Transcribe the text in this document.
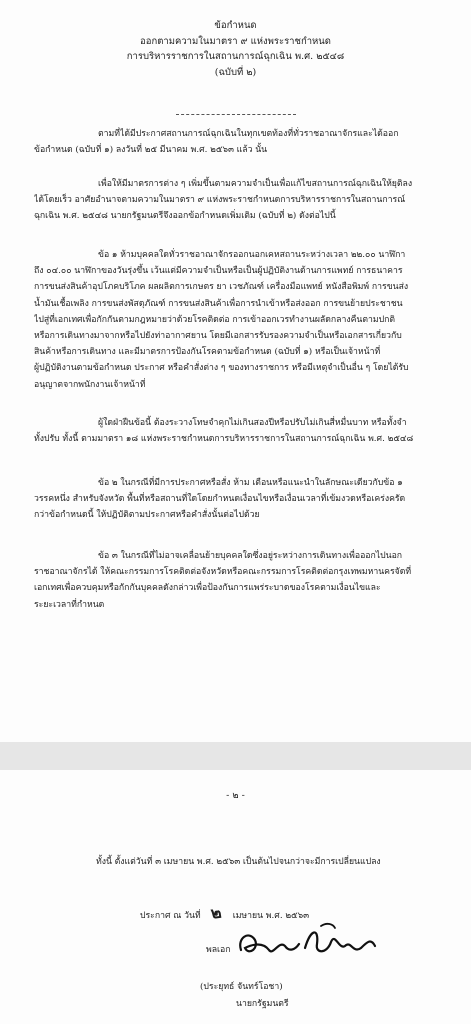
ข้อกำหนด
ออกตามความในมาตรา ๙ แห่งพระราชกำหนด
การบริหารราชการในสถานการณ์ฉุกเฉิน พ.ศ. ๒๕๔๘
(ฉบับที่ ๒)
ตามที่ได้มีประกาศสถานการณ์ฉุกเฉินในทุกเขตท้องที่ทั่วราชอาณาจักรและได้ออก
ข้อกำหนด (ฉบับที่ ๑) ลงวันที่ ๒๕ มีนาคม พ.ศ. ๒๕๖๓ แล้ว นั้น
เพื่อให้มีมาตรการต่าง ๆ เพิ่มขึ้นตามความจำเป็นเพื่อแก้ไขสถานการณ์ฉุกเฉินให้ยุติลง
ได้โดยเร็ว อาศัยอำนาจตามความในมาตรา ๙ แห่งพระราชกำหนดการบริหารราชการในสถานการณ์
ฉุกเฉิน พ.ศ. ๒๕๔๘ นายกรัฐมนตรีจึงออกข้อกำหนดเพิ่มเติม (ฉบับที่ ๒) ดังต่อไปนี้
ข้อ ๑ ห้ามบุคคลใดทั่วราชอาณาจักรออกนอกเคหสถานระหว่างเวลา ๒๒.๐๐ นาฬิกา
ถึง ๐๔.๐๐ นาฬิกาของวันรุ่งขึ้น เว้นแต่มีความจำเป็นหรือเป็นผู้ปฏิบัติงานด้านการแพทย์ การธนาคาร
การขนส่งสินค้าอุปโภคบริโภค ผลผลิตการเกษตร ยา เวชภัณฑ์ เครื่องมือแพทย์ หนังสือพิมพ์ การขนส่ง
น้ำมันเชื้อเพลิง การขนส่งพัสดุภัณฑ์ การขนส่งสินค้าเพื่อการนำเข้าหรือส่งออก การขนย้ายประชาชน
ไปสู่ที่เอกเทศเพื่อกักกันตามกฎหมายว่าด้วยโรคติดต่อ การเข้าออกเวรทำงานผลัดกลางคืนตามปกติ
หรือการเดินทางมาจากหรือไปยังท่าอากาศยาน โดยมีเอกสารรับรองความจำเป็นหรือเอกสารเกี่ยวกับ
สินค้าหรือการเดินทาง และมีมาตรการป้องกันโรคตามข้อกำหนด (ฉบับที่ ๑) หรือเป็นเจ้าหน้าที่
ผู้ปฏิบัติงานตามข้อกำหนด ประกาศ หรือคำสั่งต่าง ๆ ของทางราชการ หรือมีเหตุจำเป็นอื่น ๆ โดยได้รับ
อนุญาตจากพนักงานเจ้าหน้าที่
ผู้ใดฝ่าฝืนข้อนี้ ต้องระวางโทษจำคุกไม่เกินสองปีหรือปรับไม่เกินสี่หมื่นบาท หรือทั้งจำ
ทั้งปรับ ทั้งนี้ ตามมาตรา ๑๘ แห่งพระราชกำหนดการบริหารราชการในสถานการณ์ฉุกเฉิน พ.ศ. ๒๕๔๘
ข้อ ๒ ในกรณีที่มีการประกาศหรือสั่ง ห้าม เตือนหรือแนะนำในลักษณะเดียวกับข้อ ๑
วรรคหนึ่ง สำหรับจังหวัด พื้นที่หรือสถานที่ใดโดยกำหนดเงื่อนไขหรือเงื่อนเวลาที่เข้มงวดหรือเคร่งครัด
กว่าข้อกำหนดนี้ ให้ปฏิบัติตามประกาศหรือคำสั่งนั้นต่อไปด้วย
ข้อ ๓ ในกรณีที่ไม่อาจเคลื่อนย้ายบุคคลใดซึ่งอยู่ระหว่างการเดินทางเพื่อออกไปนอก
ราชอาณาจักรได้ ให้คณะกรรมการโรคติดต่อจังหวัดหรือคณะกรรมการโรคติดต่อกรุงเทพมหานครจัดที่
เอกเทศเพื่อควบคุมหรือกักกันบุคคลดังกล่าวเพื่อป้องกันการแพร่ระบาดของโรคตามเงื่อนไขและ
ระยะเวลาที่กำหนด
- ๒ -
ทั้งนี้ ตั้งแต่วันที่ ๓ เมษายน พ.ศ. ๒๕๖๓ เป็นต้นไปจนกว่าจะมีการเปลี่ยนแปลง
ประกาศ ณ วันที่ ๒ เมษายน พ.ศ. ๒๕๖๓
พลเอก
(ประยุทธ์ จันทร์โอชา)
นายกรัฐมนตรี
